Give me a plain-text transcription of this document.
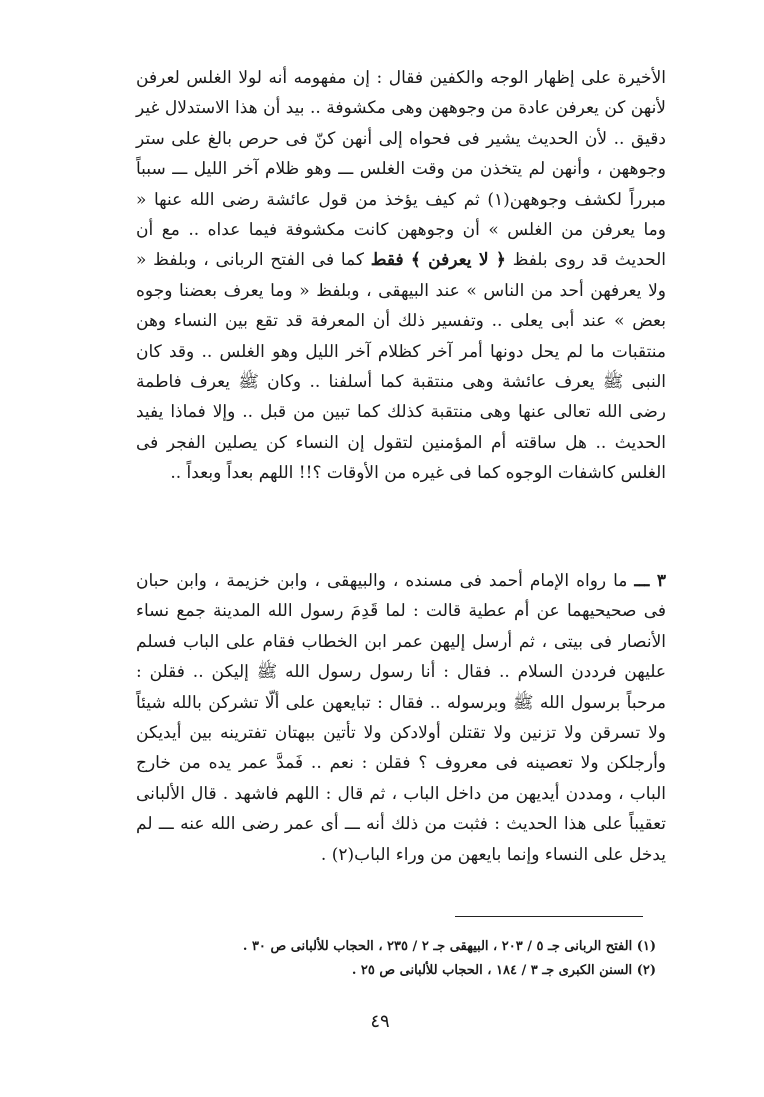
الأخيرة على إظهار الوجه والكفين فقال : إن مفهومه أنه لولا الغلس لعرفن لأنهن كن يعرفن عادة من وجوههن وهى مكشوفة .. بيد أن هذا الاستدلال غير دقيق .. لأن الحديث يشير فى فحواه إلى أنهن كنّ فى حرص بالغ على ستر وجوههن ، وأنهن لم يتخذن من وقت الغلس ـــ وهو ظلام آخر الليل ـــ سبباً مبرراً لكشف وجوههن(١) ثم كيف يؤخذ من قول عائشة رضى الله عنها « وما يعرفن من الغلس » أن وجوههن كانت مكشوفة فيما عداه .. مع أن الحديث قد روى بلفظ ﴿ لا يعرفن ﴾ فقط كما فى الفتح الربانى ، وبلفظ « ولا يعرفهن أحد من الناس » عند البيهقى ، وبلفظ « وما يعرف بعضنا وجوه بعض » عند أبى يعلى .. وتفسير ذلك أن المعرفة قد تقع بين النساء وهن منتقبات ما لم يحل دونها أمر آخر كظلام آخر الليل وهو الغلس .. وقد كان النبى ﷺ يعرف عائشة وهى منتقبة كما أسلفنا .. وكان ﷺ يعرف فاطمة رضى الله تعالى عنها وهى منتقبة كذلك كما تبين من قبل .. وإلا فماذا يفيد الحديث .. هل ساقته أم المؤمنين لتقول إن النساء كن يصلين الفجر فى الغلس كاشفات الوجوه كما فى غيره من الأوقات ؟!! اللهم بعداً وبعداً ..

٣ ـــ ما رواه الإمام أحمد فى مسنده ، والبيهقى ، وابن خزيمة ، وابن حبان فى صحيحيهما عن أم عطية قالت : لما قَدِمَ رسول الله المدينة جمع نساء الأنصار فى بيتى ، ثم أرسل إليهن عمر ابن الخطاب فقام على الباب فسلم عليهن فرددن السلام .. فقال : أنا رسول رسول الله ﷺ إليكن .. فقلن : مرحباً برسول الله ﷺ وبرسوله .. فقال : تبايعهن على ألّا تشركن بالله شيئاً ولا تسرقن ولا تزنين ولا تقتلن أولادكن ولا تأتين ببهتان تفترينه بين أيديكن وأرجلكن ولا تعصينه فى معروف ؟ فقلن : نعم .. فَمدَّ عمر يده من خارج الباب ، ومددن أيديهن من داخل الباب ، ثم قال : اللهم فاشهد . قال الألبانى تعقيباً على هذا الحديث : فثبت من ذلك أنه ـــ أى عمر رضى الله عنه ـــ لم يدخل على النساء وإنما بايعهن من وراء الباب(٢) .

(١) الفتح الربانى جـ ٥ / ٢٠٣ ، البيهقى جـ ٢ / ٢٣٥ ، الحجاب للألبانى ص ٣٠ .
(٢) السنن الكبرى جـ ٣ / ١٨٤ ، الحجاب للألبانى ص ٢٥ .
٤٩
